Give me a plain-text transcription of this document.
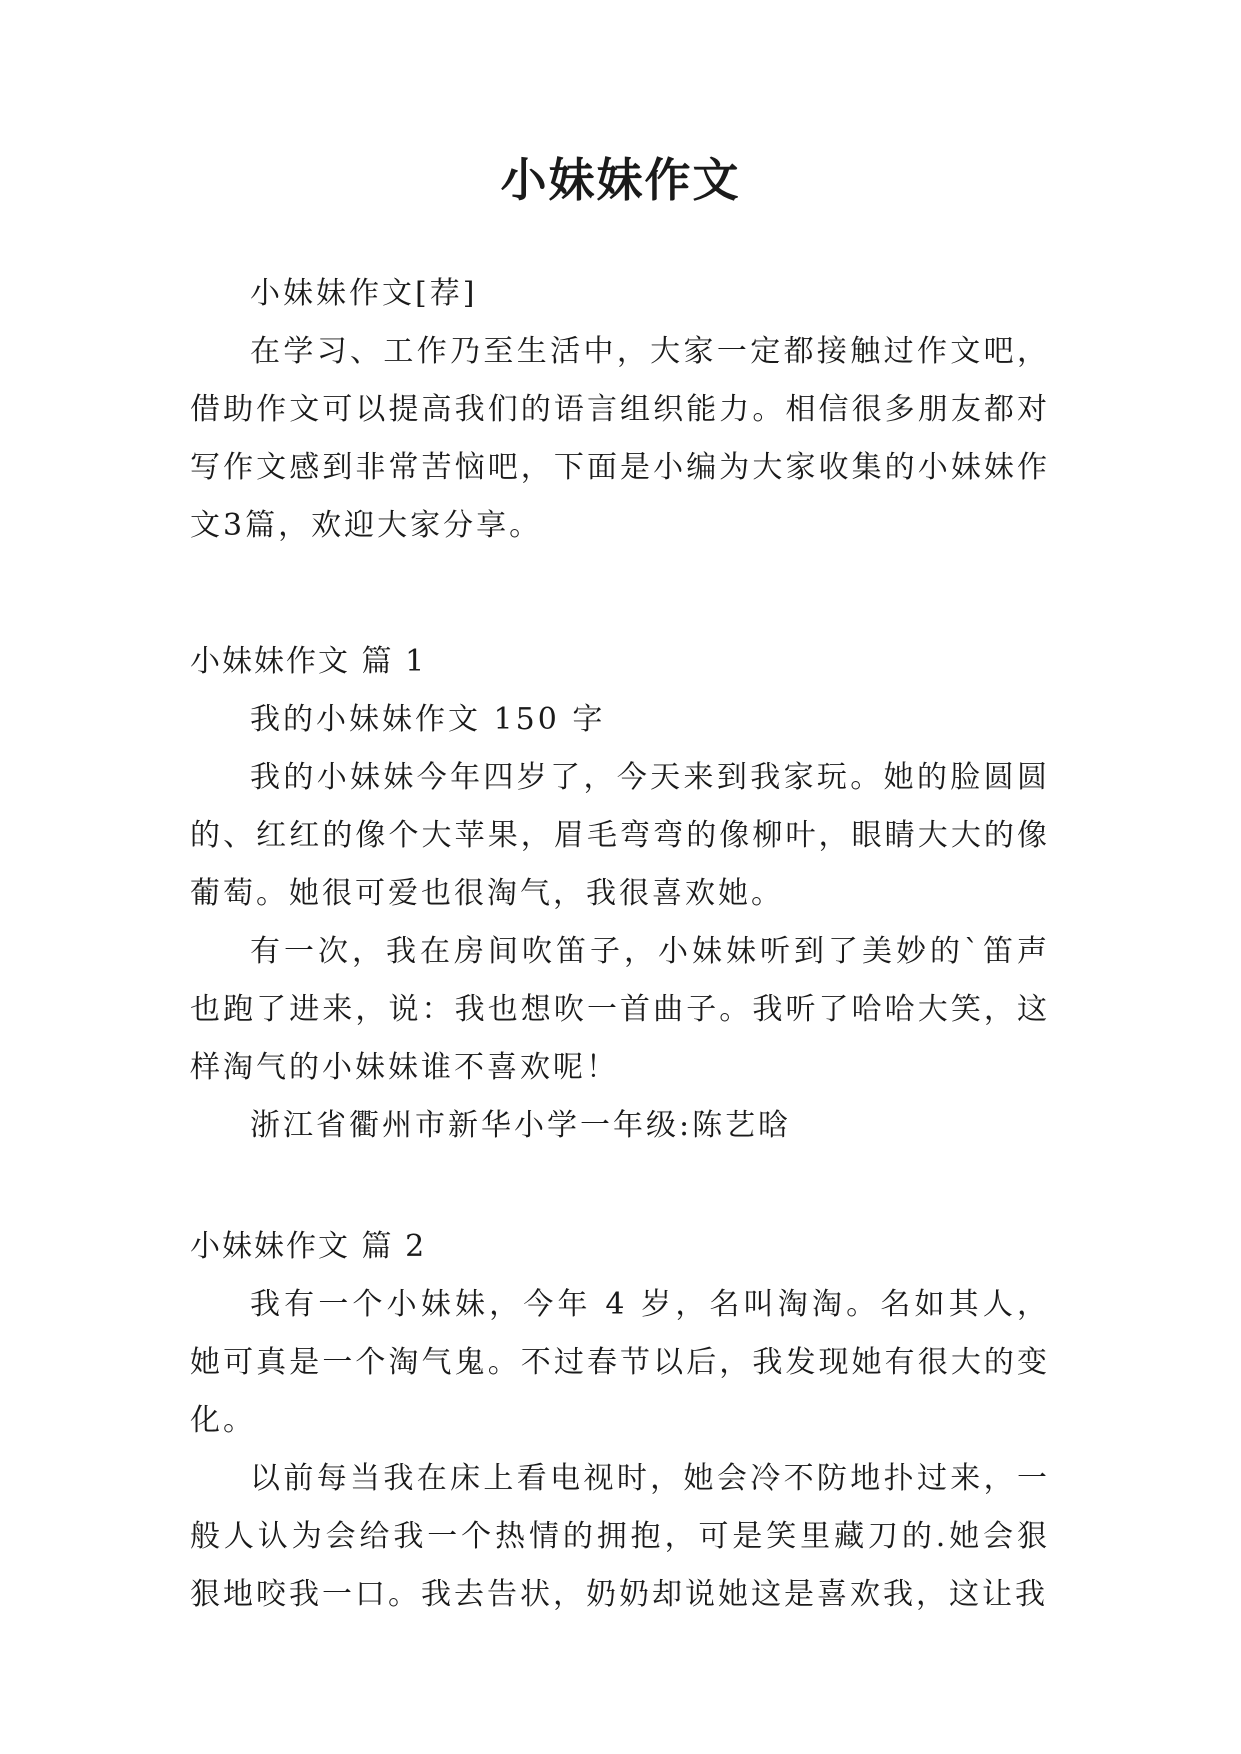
小妹妹作文

小妹妹作文[荐]

在学习、工作乃至生活中，大家一定都接触过作文吧，借助作文可以提高我们的语言组织能力。相信很多朋友都对写作文感到非常苦恼吧，下面是小编为大家收集的小妹妹作文3篇，欢迎大家分享。

小妹妹作文 篇 1

我的小妹妹作文 150 字

我的小妹妹今年四岁了，今天来到我家玩。她的脸圆圆的、红红的像个大苹果，眉毛弯弯的像柳叶，眼睛大大的像葡萄。她很可爱也很淘气，我很喜欢她。

有一次，我在房间吹笛子，小妹妹听到了美妙的`笛声也跑了进来，说：我也想吹一首曲子。我听了哈哈大笑，这样淘气的小妹妹谁不喜欢呢！

浙江省衢州市新华小学一年级:陈艺晗

小妹妹作文 篇 2

我有一个小妹妹，今年 4 岁，名叫淘淘。名如其人，她可真是一个淘气鬼。不过春节以后，我发现她有很大的变化。

以前每当我在床上看电视时，她会冷不防地扑过来，一般人认为会给我一个热情的拥抱，可是笑里藏刀的.她会狠狠地咬我一口。我去告状，奶奶却说她这是喜欢我，这让我
